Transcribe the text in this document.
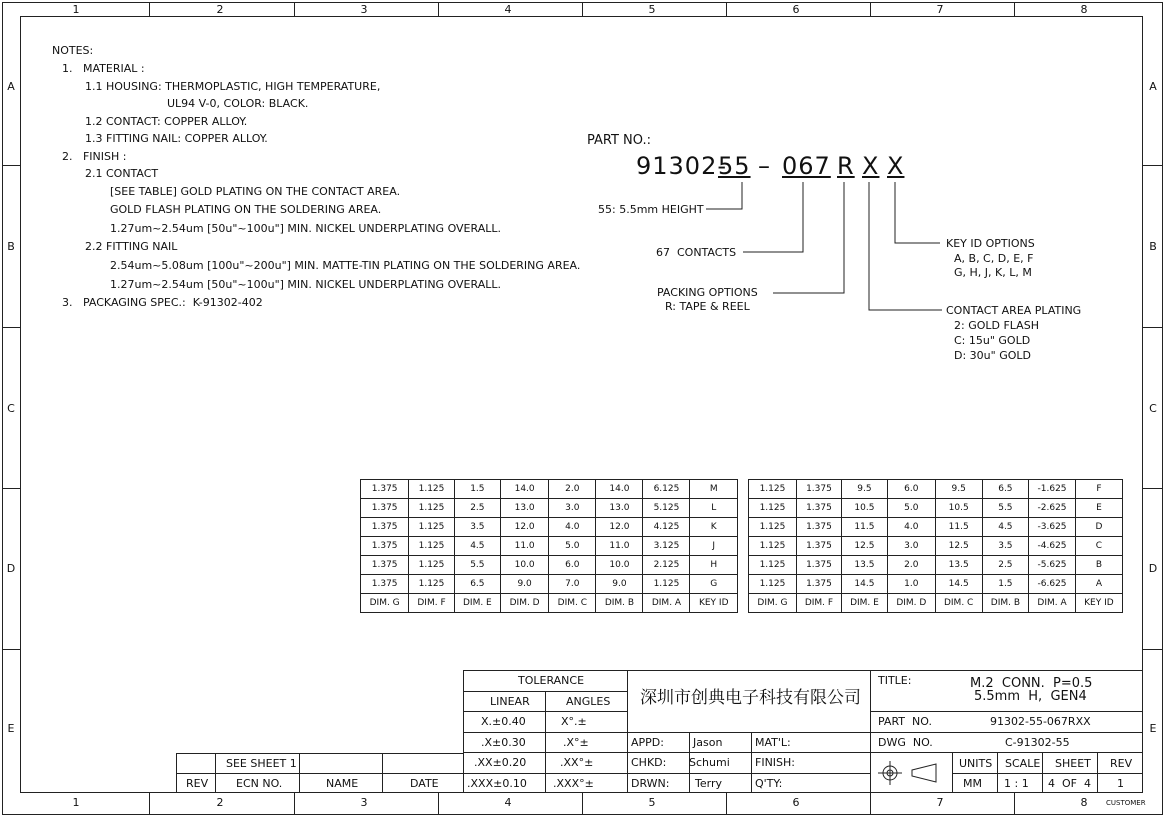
1	2	3	4	5	6	7	8
1	2	3	4	5	6	7	8
A
B
C
D
E
A
B
C
D
E
NOTES:
1.   MATERIAL :
1.1 HOUSING: THERMOPLASTIC, HIGH TEMPERATURE,
UL94 V-0, COLOR: BLACK.
1.2 CONTACT: COPPER ALLOY.
1.3 FITTING NAIL: COPPER ALLOY.
2.   FINISH :
2.1 CONTACT
[SEE TABLE] GOLD PLATING ON THE CONTACT AREA.
GOLD FLASH PLATING ON THE SOLDERING AREA.
1.27um~2.54um [50u"~100u"] MIN. NICKEL UNDERPLATING OVERALL.
2.2 FITTING NAIL
2.54um~5.08um [100u"~200u"] MIN. MATTE-TIN PLATING ON THE SOLDERING AREA.
1.27um~2.54um [50u"~100u"] MIN. NICKEL UNDERPLATING OVERALL.
3.   PACKAGING SPEC.:  K-91302-402
PART NO.:
91302-
55 – 067 R X X
55: 5.5mm HEIGHT
67  CONTACTS
PACKING OPTIONS
R: TAPE & REEL
KEY ID OPTIONS
A, B, C, D, E, F
G, H, J, K, L, M
CONTACT AREA PLATING
2: GOLD FLASH
C: 15u" GOLD
D: 30u" GOLD
1.375	1.125	1.5	14.0	2.0	14.0	6.125	M
1.375	1.125	2.5	13.0	3.0	13.0	5.125	L
1.375	1.125	3.5	12.0	4.0	12.0	4.125	K
1.375	1.125	4.5	11.0	5.0	11.0	3.125	J
1.375	1.125	5.5	10.0	6.0	10.0	2.125	H
1.375	1.125	6.5	9.0	7.0	9.0	1.125	G
DIM. G	DIM. F	DIM. E	DIM. D	DIM. C	DIM. B	DIM. A	KEY ID
1.125	1.375	9.5	6.0	9.5	6.5	-1.625	F
1.125	1.375	10.5	5.0	10.5	5.5	-2.625	E
1.125	1.375	11.5	4.0	11.5	4.5	-3.625	D
1.125	1.375	12.5	3.0	12.5	3.5	-4.625	C
1.125	1.375	13.5	2.0	13.5	2.5	-5.625	B
1.125	1.375	14.5	1.0	14.5	1.5	-6.625	A
DIM. G	DIM. F	DIM. E	DIM. D	DIM. C	DIM. B	DIM. A	KEY ID
SEE SHEET 1
REV	ECN NO.	NAME	DATE
TOLERANCE
LINEAR	ANGLES
X.±0.40	X°.±
.X±0.30	.X°±
.XX±0.20	.XX°±
.XXX±0.10 .XXX°±
深圳市创典电子科技有限公司
APPD:	Jason
CHKD: Schumi
DRWN: Terry
MAT'L:
FINISH:
Q'TY:
TITLE:	M.2  CONN.  P=0.5
5.5mm  H,  GEN4
PART  NO.	91302-55-067RXX
DWG  NO.	C-91302-55
UNITS
MM
SCALE
1 : 1
SHEET
4  OF  4
REV
1
CUSTOMER
